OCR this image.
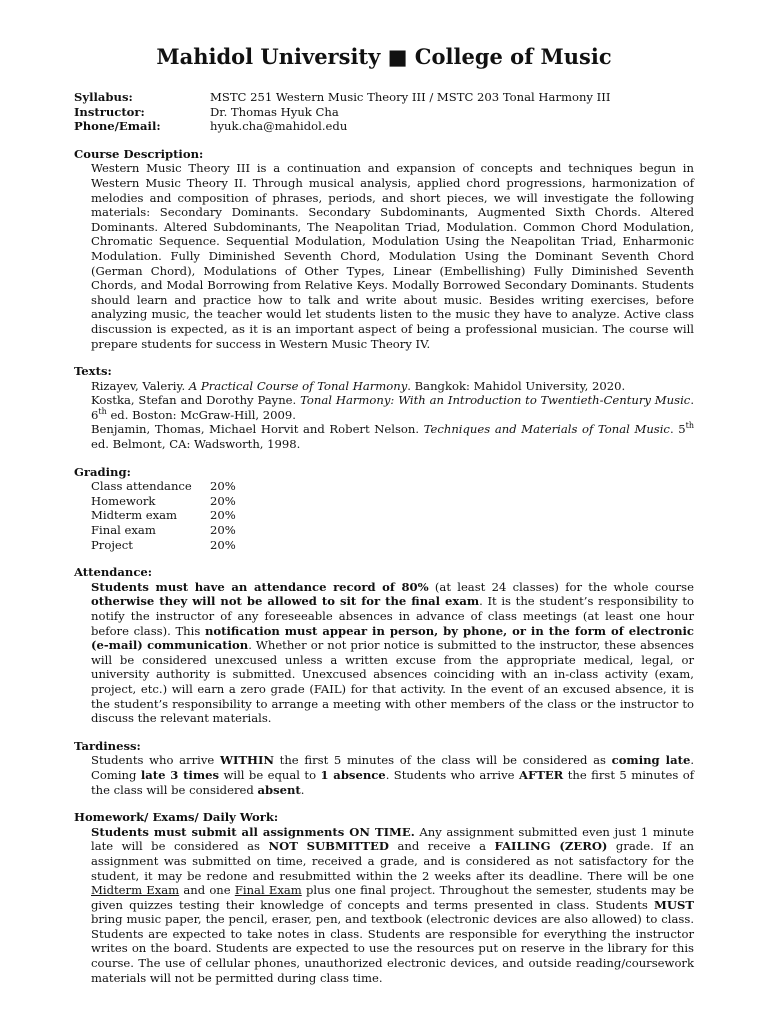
Mahidol University ■ College of Music
Syllabus:	MSTC 251 Western Music Theory III / MSTC 203 Tonal Harmony III
Instructor:	Dr. Thomas Hyuk Cha
Phone/Email:	hyuk.cha@mahidol.edu
Course Description:

Western Music Theory III is a continuation and expansion of concepts and techniques begun in Western Music Theory II. Through musical analysis, applied chord progressions, harmonization of melodies and composition of phrases, periods, and short pieces, we will investigate the following materials: Secondary Dominants. Secondary Subdominants, Augmented Sixth Chords. Altered Dominants. Altered Subdominants, The Neapolitan Triad, Modulation. Common Chord Modulation, Chromatic Sequence. Sequential Modulation, Modulation Using the Neapolitan Triad, Enharmonic Modulation. Fully Diminished Seventh Chord, Modulation Using the Dominant Seventh Chord (German Chord), Modulations of Other Types, Linear (Embellishing) Fully Diminished Seventh Chords, and Modal Borrowing from Relative Keys. Modally Borrowed Secondary Dominants. Students should learn and practice how to talk and write about music. Besides writing exercises, before analyzing music, the teacher would let students listen to the music they have to analyze. Active class discussion is expected, as it is an important aspect of being a professional musician. The course will prepare students for success in Western Music Theory IV.

Texts:

Rizayev, Valeriy. A Practical Course of Tonal Harmony. Bangkok: Mahidol University, 2020.

Kostka, Stefan and Dorothy Payne. Tonal Harmony: With an Introduction to Twentieth-Century Music. 6th ed. Boston: McGraw-Hill, 2009.

Benjamin, Thomas, Michael Horvit and Robert Nelson. Techniques and Materials of Tonal Music. 5th ed. Belmont, CA: Wadsworth, 1998.

Grading:
Class attendance	20%
Homework	20%
Midterm exam	20%
Final exam	20%
Project	20%
Attendance:

Students must have an attendance record of 80% (at least 24 classes) for the whole course otherwise they will not be allowed to sit for the final exam. It is the student’s responsibility to notify the instructor of any foreseeable absences in advance of class meetings (at least one hour before class). This notification must appear in person, by phone, or in the form of electronic (e-mail) communication. Whether or not prior notice is submitted to the instructor, these absences will be considered unexcused unless a written excuse from the appropriate medical, legal, or university authority is submitted. Unexcused absences coinciding with an in-class activity (exam, project, etc.) will earn a zero grade (FAIL) for that activity. In the event of an excused absence, it is the student’s responsibility to arrange a meeting with other members of the class or the instructor to discuss the relevant materials.

Tardiness:

Students who arrive WITHIN the first 5 minutes of the class will be considered as coming late. Coming late 3 times will be equal to 1 absence. Students who arrive AFTER the first 5 minutes of the class will be considered absent.

Homework/ Exams/ Daily Work:

Students must submit all assignments ON TIME. Any assignment submitted even just 1 minute late will be considered as NOT SUBMITTED and receive a FAILING (ZERO) grade. If an assignment was submitted on time, received a grade, and is considered as not satisfactory for the student, it may be redone and resubmitted within the 2 weeks after its deadline. There will be one Midterm Exam and one Final Exam plus one final project. Throughout the semester, students may be given quizzes testing their knowledge of concepts and terms presented in class. Students MUST bring music paper, the pencil, eraser, pen, and textbook (electronic devices are also allowed) to class. Students are expected to take notes in class. Students are responsible for everything the instructor writes on the board. Students are expected to use the resources put on reserve in the library for this course. The use of cellular phones, unauthorized electronic devices, and outside reading/coursework materials will not be permitted during class time.
